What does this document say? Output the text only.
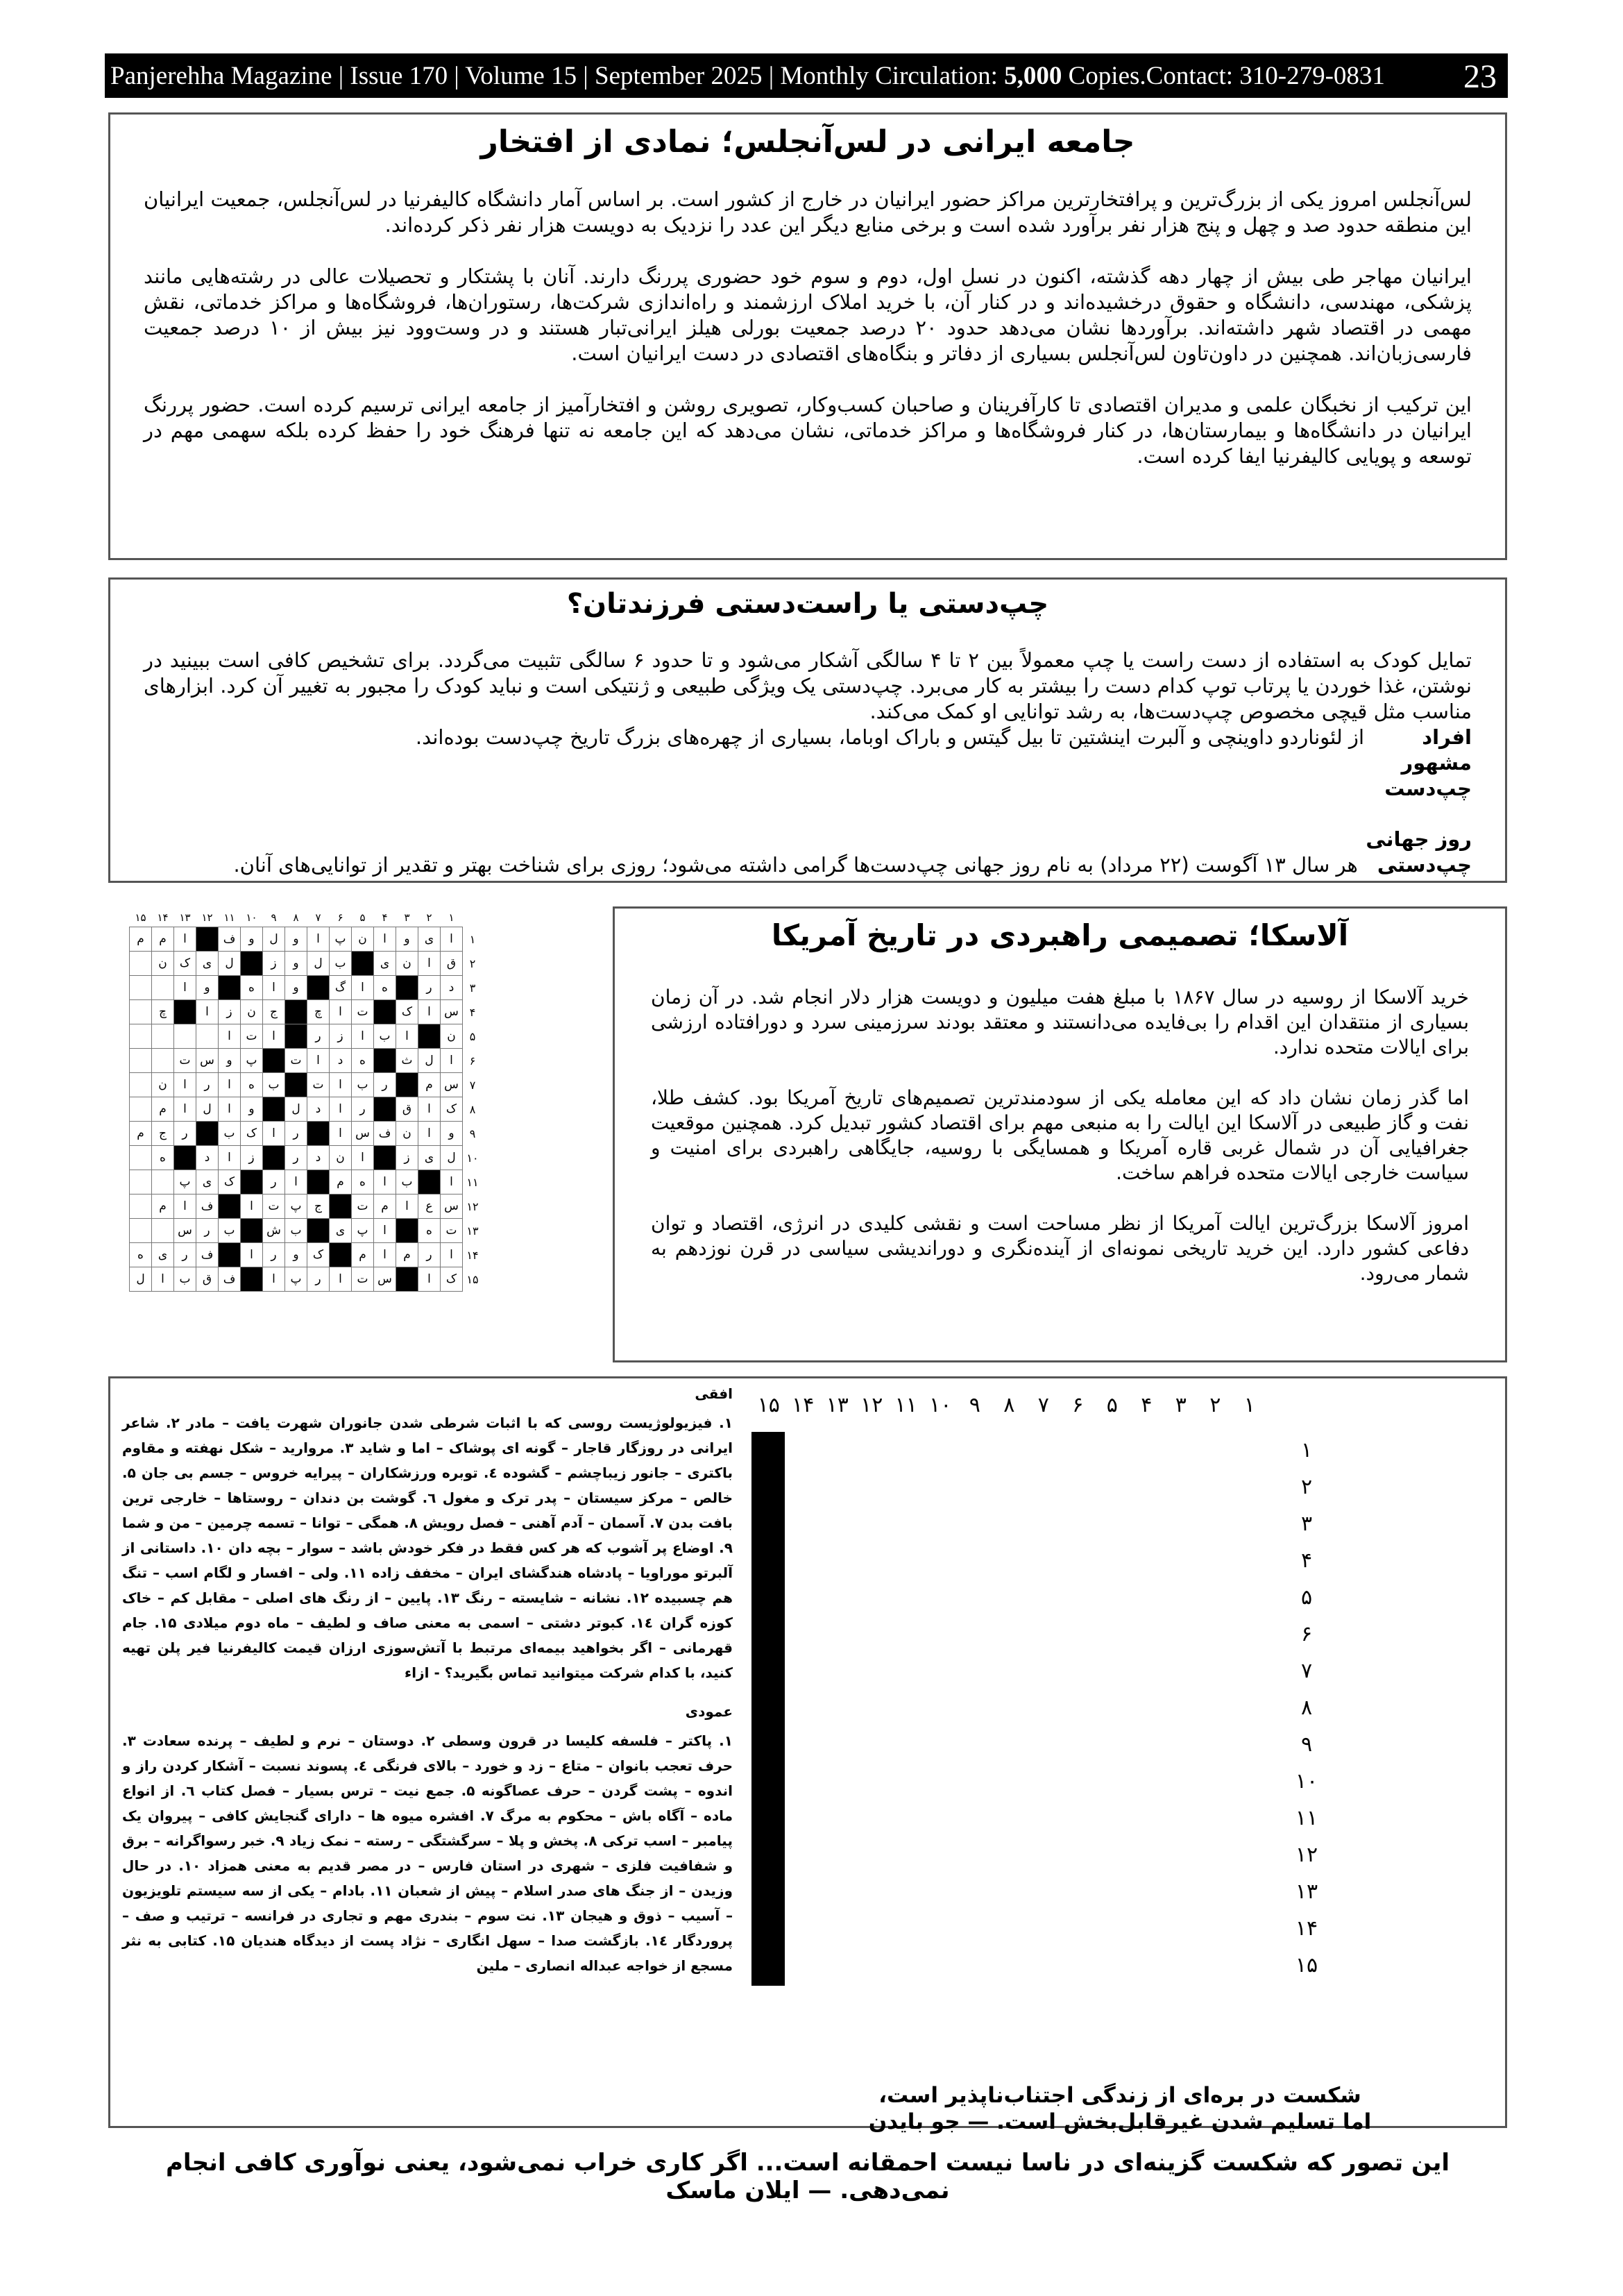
Panjerehha Magazine | Issue 170 | Volume 15 | September 2025 | Monthly Circulation: 5,000 Copies.Contact: 310-279-0831 23
جامعه ایرانی در لس‌آنجلس؛ نمادی از افتخار

لس‌آنجلس امروز یکی از بزرگ‌ترین و پرافتخارترین مراکز حضور ایرانیان در خارج از کشور است. بر اساس آمار دانشگاه کالیفرنیا در لس‌آنجلس، جمعیت ایرانیان این منطقه حدود صد و چهل و پنج هزار نفر برآورد شده است و برخی منابع دیگر این عدد را نزدیک به دویست هزار نفر ذکر کرده‌اند.

ایرانیان مهاجر طی بیش از چهار دهه گذشته، اکنون در نسل اول، دوم و سوم خود حضوری پررنگ دارند. آنان با پشتکار و تحصیلات عالی در رشته‌هایی مانند پزشکی، مهندسی، دانشگاه و حقوق درخشیده‌اند و در کنار آن، با خرید املاک ارزشمند و راه‌اندازی شرکت‌ها، رستوران‌ها، فروشگاه‌ها و مراکز خدماتی، نقش مهمی در اقتصاد شهر داشته‌اند. برآوردها نشان می‌دهد حدود ۲۰ درصد جمعیت بورلی هیلز ایرانی‌تبار هستند و در وست‌وود نیز بیش از ۱۰ درصد جمعیت فارسی‌زبان‌اند. همچنین در داون‌تاون لس‌آنجلس بسیاری از دفاتر و بنگاه‌های اقتصادی در دست ایرانیان است.

این ترکیب از نخبگان علمی و مدیران اقتصادی تا کارآفرینان و صاحبان کسب‌وکار، تصویری روشن و افتخارآمیز از جامعه ایرانی ترسیم کرده است. حضور پررنگ ایرانیان در دانشگاه‌ها و بیمارستان‌ها، در کنار فروشگاه‌ها و مراکز خدماتی، نشان می‌دهد که این جامعه نه تنها فرهنگ خود را حفظ کرده بلکه سهمی مهم در توسعه و پویایی کالیفرنیا ایفا کرده است.

چپ‌دستی یا راست‌دستی فرزندتان؟

تمایل کودک به استفاده از دست راست یا چپ معمولاً بین ۲ تا ۴ سالگی آشکار می‌شود و تا حدود ۶ سالگی تثبیت می‌گردد. برای تشخیص کافی است ببینید در نوشتن، غذا خوردن یا پرتاب توپ کدام دست را بیشتر به کار می‌برد. چپ‌دستی یک ویژگی طبیعی و ژنتیکی است و نباید کودک را مجبور به تغییر آن کرد. ابزارهای مناسب مثل قیچی مخصوص چپ‌دست‌ها، به رشد توانایی او کمک می‌کند.

افراد مشهور چپ‌دست
از لئوناردو داوینچی و آلبرت اینشتین تا بیل گیتس و باراک اوباما، بسیاری از چهره‌های بزرگ تاریخ چپ‌دست بوده‌اند.
روز جهانی چپ‌دستی هر سال ۱۳ آگوست (۲۲ مرداد) به نام روز جهانی چپ‌دست‌ها گرامی داشته می‌شود؛ روزی برای شناخت بهتر و تقدیر از توانایی‌های آنان.
	۱۵	۱۴	۱۳	۱۲	۱۱	۱۰	۹	۸	۷	۶	۵	۴	۳	۲	۱	
	م	م	ا		ف	و	ل	و	ا	پ	ن	ا	و	ی	ا	۱
		ن	ک	ی	ل		ز	و	ل	ب		ی	ن	ا	ق	۲
			ا	و		ه	ا	و		گ	ا	ه		ر	د	۳
		چ		ا	ز	ن	ج		چ	ا	ت		ک	ا	س	۴
					ا	ت	ا		ر	ز	ا	ب	ا		ن	۵
			ت	س	و	پ		ت	ا	د	ه		ث	ل	ا	۶
		ن	ا	ر	ا	ه	ب		ت	ا	ب	ر		م	س	۷
		م	ا	ل	ا	و		ل	د	ا	ر		ق	ا	ک	۸
	م	ج	ر		ب	ک	ا	ر		ا	س	ف	ن	ا	و	۹
		ه		د	ا	ز		ر	د	ن	ا		ز	ی	ل	۱۰
			پ	ی	ک		ر	ا		م	ه	ا	ب		ا	۱۱
		م	ا	ف		ا	ت	پ	ج		ت	م	ا	ع	س	۱۲
			س	ر	ب		ش	ب		ی	پ	ا		ه	ت	۱۳
	ه	ی	ر	ف		ا	ر	و	ک		م	ا	م	ر	ا	۱۴
	ل	ا	ب	ق	ف		ا	پ	ر	ا	ت	س		ا	ک	۱۵
آلاسکا؛ تصمیمی راهبردی در تاریخ آمریکا

خرید آلاسکا از روسیه در سال ۱۸۶۷ با مبلغ هفت میلیون و دویست هزار دلار انجام شد. در آن زمان بسیاری از منتقدان این اقدام را بی‌فایده می‌دانستند و معتقد بودند سرزمینی سرد و دورافتاده ارزشی برای ایالات متحده ندارد.

اما گذر زمان نشان داد که این معامله یکی از سودمندترین تصمیم‌های تاریخ آمریکا بود. کشف طلا، نفت و گاز طبیعی در آلاسکا این ایالت را به منبعی مهم برای اقتصاد کشور تبدیل کرد. همچنین موقعیت جغرافیایی آن در شمال غربی قاره آمریکا و همسایگی با روسیه، جایگاهی راهبردی برای امنیت و سیاست خارجی ایالات متحده فراهم ساخت.

امروز آلاسکا بزرگ‌ترین ایالت آمریکا از نظر مساحت است و نقشی کلیدی در انرژی، اقتصاد و توان دفاعی کشور دارد. این خرید تاریخی نمونه‌ای از آینده‌نگری و دوراندیشی سیاسی در قرن نوزدهم به شمار می‌رود.

افقی

۱. فیزیولوژیست روسی که با اثبات شرطی شدن جانوران شهرت یافت – مادر ۲. شاعر ایرانی در روزگار قاجار – گونه ای پوشاک – اما و شاید ۳. مروارید – شکل نهفته و مقاوم باکتری – جانور زیباچشم – گشوده ٤. توبره ورزشکاران – پیرایه خروس – جسم بی جان ۵. خالص – مرکز سیستان – پدر ترک و مغول ٦. گوشت بن دندان – روستاها – خارجی ترین بافت بدن ۷. آسمان – آدم آهنی – فصل رویش ۸. همگی – توانا – تسمه چرمین – من و شما ۹. اوضاع پر آشوب که هر کس فقط در فکر خودش باشد – سوار – بچه دان ۱۰. داستانی از آلبرتو موراویا – پادشاه هندگشای ایران – مخفف زاده ۱۱. ولی – افسار و لگام اسب – تنگ هم چسبیده ۱۲. نشانه – شایسته – رنگ ۱۳. پایین – از رنگ های اصلی – مقابل کم – خاک کوزه گران ۱٤. کبوتر دشتی – اسمی به معنی صاف و لطیف – ماه دوم میلادی ۱۵. جام قهرمانی – اگر بخواهید بیمه‌ای مرتبط با آتش‌سوزی ارزان قیمت کالیفرنیا فیر پلن تهیه کنید، با کدام شرکت میتوانید تماس بگیرید؟ - ازاء

عمودی

۱. پاکتر – فلسفه کلیسا در قرون وسطی ۲. دوستان – نرم و لطیف – پرنده سعادت ۳. حرف تعجب بانوان – متاع – زد و خورد – بالای فرنگی ٤. پسوند نسبت – آشکار کردن راز و اندوه – پشت گردن – حرف عصاگونه ۵. جمع نیت – ترس بسیار – فصل کتاب ٦. از انواع ماده – آگاه باش – محکوم به مرگ ۷. افشره میوه ها – دارای گنجایش کافی – پیروان یک پیامبر – اسب ترکی ۸. پخش و پلا – سرگشتگی – رسته – نمک زیاد ۹. خبر رسواگرانه – برق و شفافیت فلزی – شهری در استان فارس – در مصر قدیم به معنی همزاد ۱۰. در حال وزیدن – از جنگ های صدر اسلام – پیش از شعبان ۱۱. بادام – یکی از سه سیستم تلویزیون – آسیب – ذوق و هیجان ۱۳. نت سوم – بندری مهم و تجاری در فرانسه – ترتیب و صف – پروردگار ١٤. بازگشت صدا – سهل انگاری – نژاد پست از دیدگاه هندیان ۱۵. کتابی به نثر مسجع از خواجه عبداله انصاری – ملین

۱
۲
۳
۴
۵
۶
۷
۸
۹
۱۰
۱۱
۱۲
۱۳
۱۴
۱۵

۱
۲
۳
۴
۵
۶
۷
۸
۹
۱۰
۱۱
۱۲
۱۳
۱۴
۱۵
شکست در بره‌ای از زندگی اجتناب‌ناپذیر است،
اما تسلیم شدن غیرقابل‌بخش است. — جو بایدن
این تصور که شکست گزینه‌ای در ناسا نیست احمقانه است... اگر کاری خراب نمی‌شود، یعنی نوآوری کافی انجام نمی‌دهی. — ایلان ماسک
